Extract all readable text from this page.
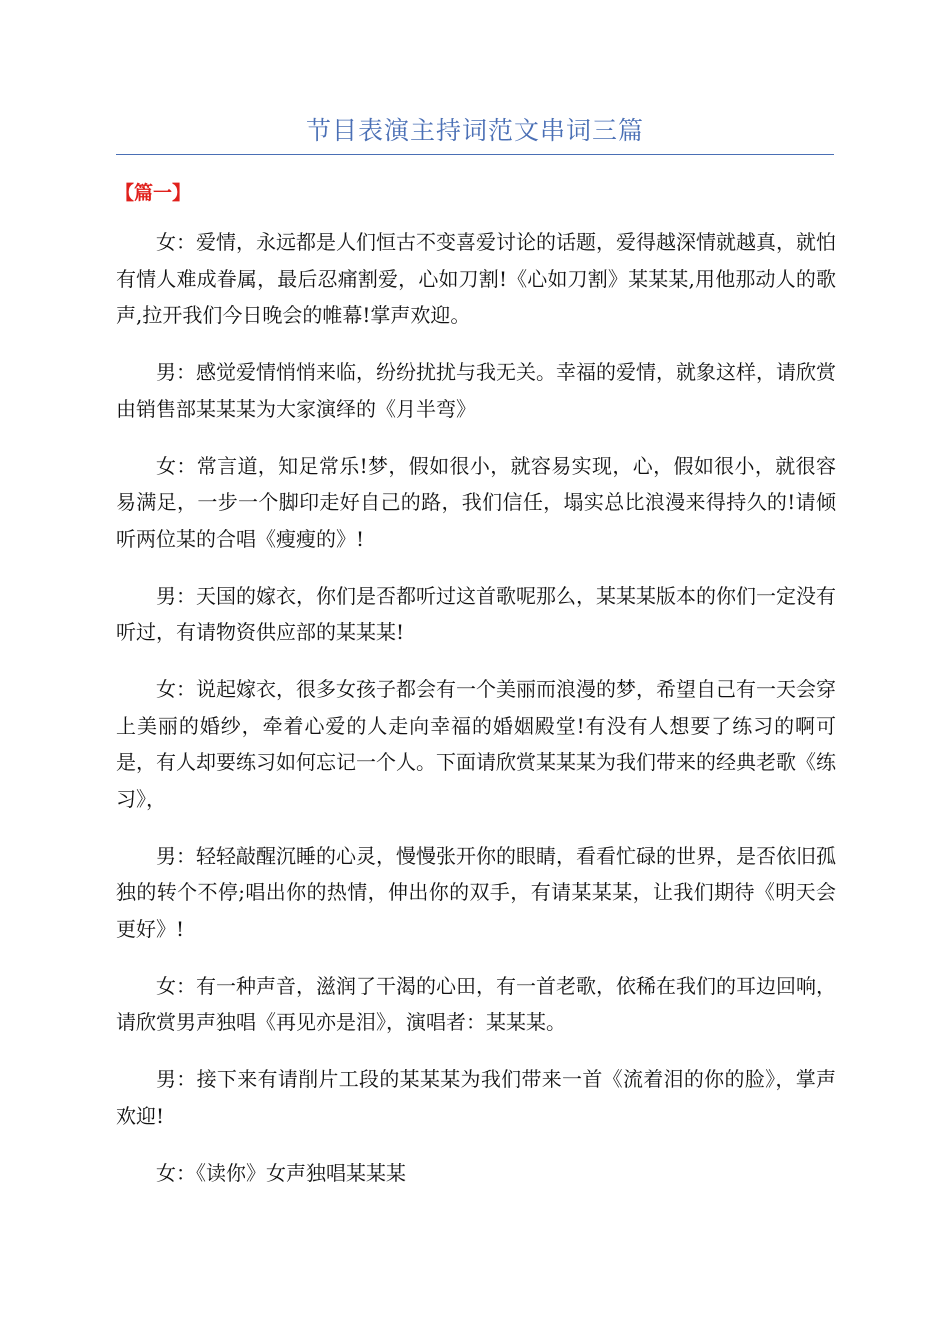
节目表演主持词范文串词三篇
【篇一】

女：爱情，永远都是人们恒古不变喜爱讨论的话题，爱得越深情就越真，就怕有情人难成眷属，最后忍痛割爱，心如刀割!《心如刀割》某某某,用他那动人的歌声,拉开我们今日晚会的帷幕!掌声欢迎。

男：感觉爱情悄悄来临，纷纷扰扰与我无关。幸福的爱情，就象这样，请欣赏由销售部某某某为大家演绎的《月半弯》

女：常言道，知足常乐!梦，假如很小，就容易实现，心，假如很小，就很容易满足，一步一个脚印走好自己的路，我们信任，塌实总比浪漫来得持久的!请倾听两位某的合唱《瘦瘦的》!

男：天国的嫁衣，你们是否都听过这首歌呢那么，某某某版本的你们一定没有听过，有请物资供应部的某某某!

女：说起嫁衣，很多女孩子都会有一个美丽而浪漫的梦，希望自己有一天会穿上美丽的婚纱，牵着心爱的人走向幸福的婚姻殿堂!有没有人想要了练习的啊可是，有人却要练习如何忘记一个人。下面请欣赏某某某为我们带来的经典老歌《练习》，

男：轻轻敲醒沉睡的心灵，慢慢张开你的眼睛，看看忙碌的世界，是否依旧孤独的转个不停;唱出你的热情，伸出你的双手，有请某某某，让我们期待《明天会更好》!

女：有一种声音，滋润了干渴的心田，有一首老歌，依稀在我们的耳边回响，请欣赏男声独唱《再见亦是泪》，演唱者：某某某。

男：接下来有请削片工段的某某某为我们带来一首《流着泪的你的脸》，掌声欢迎!

女：《读你》女声独唱某某某
